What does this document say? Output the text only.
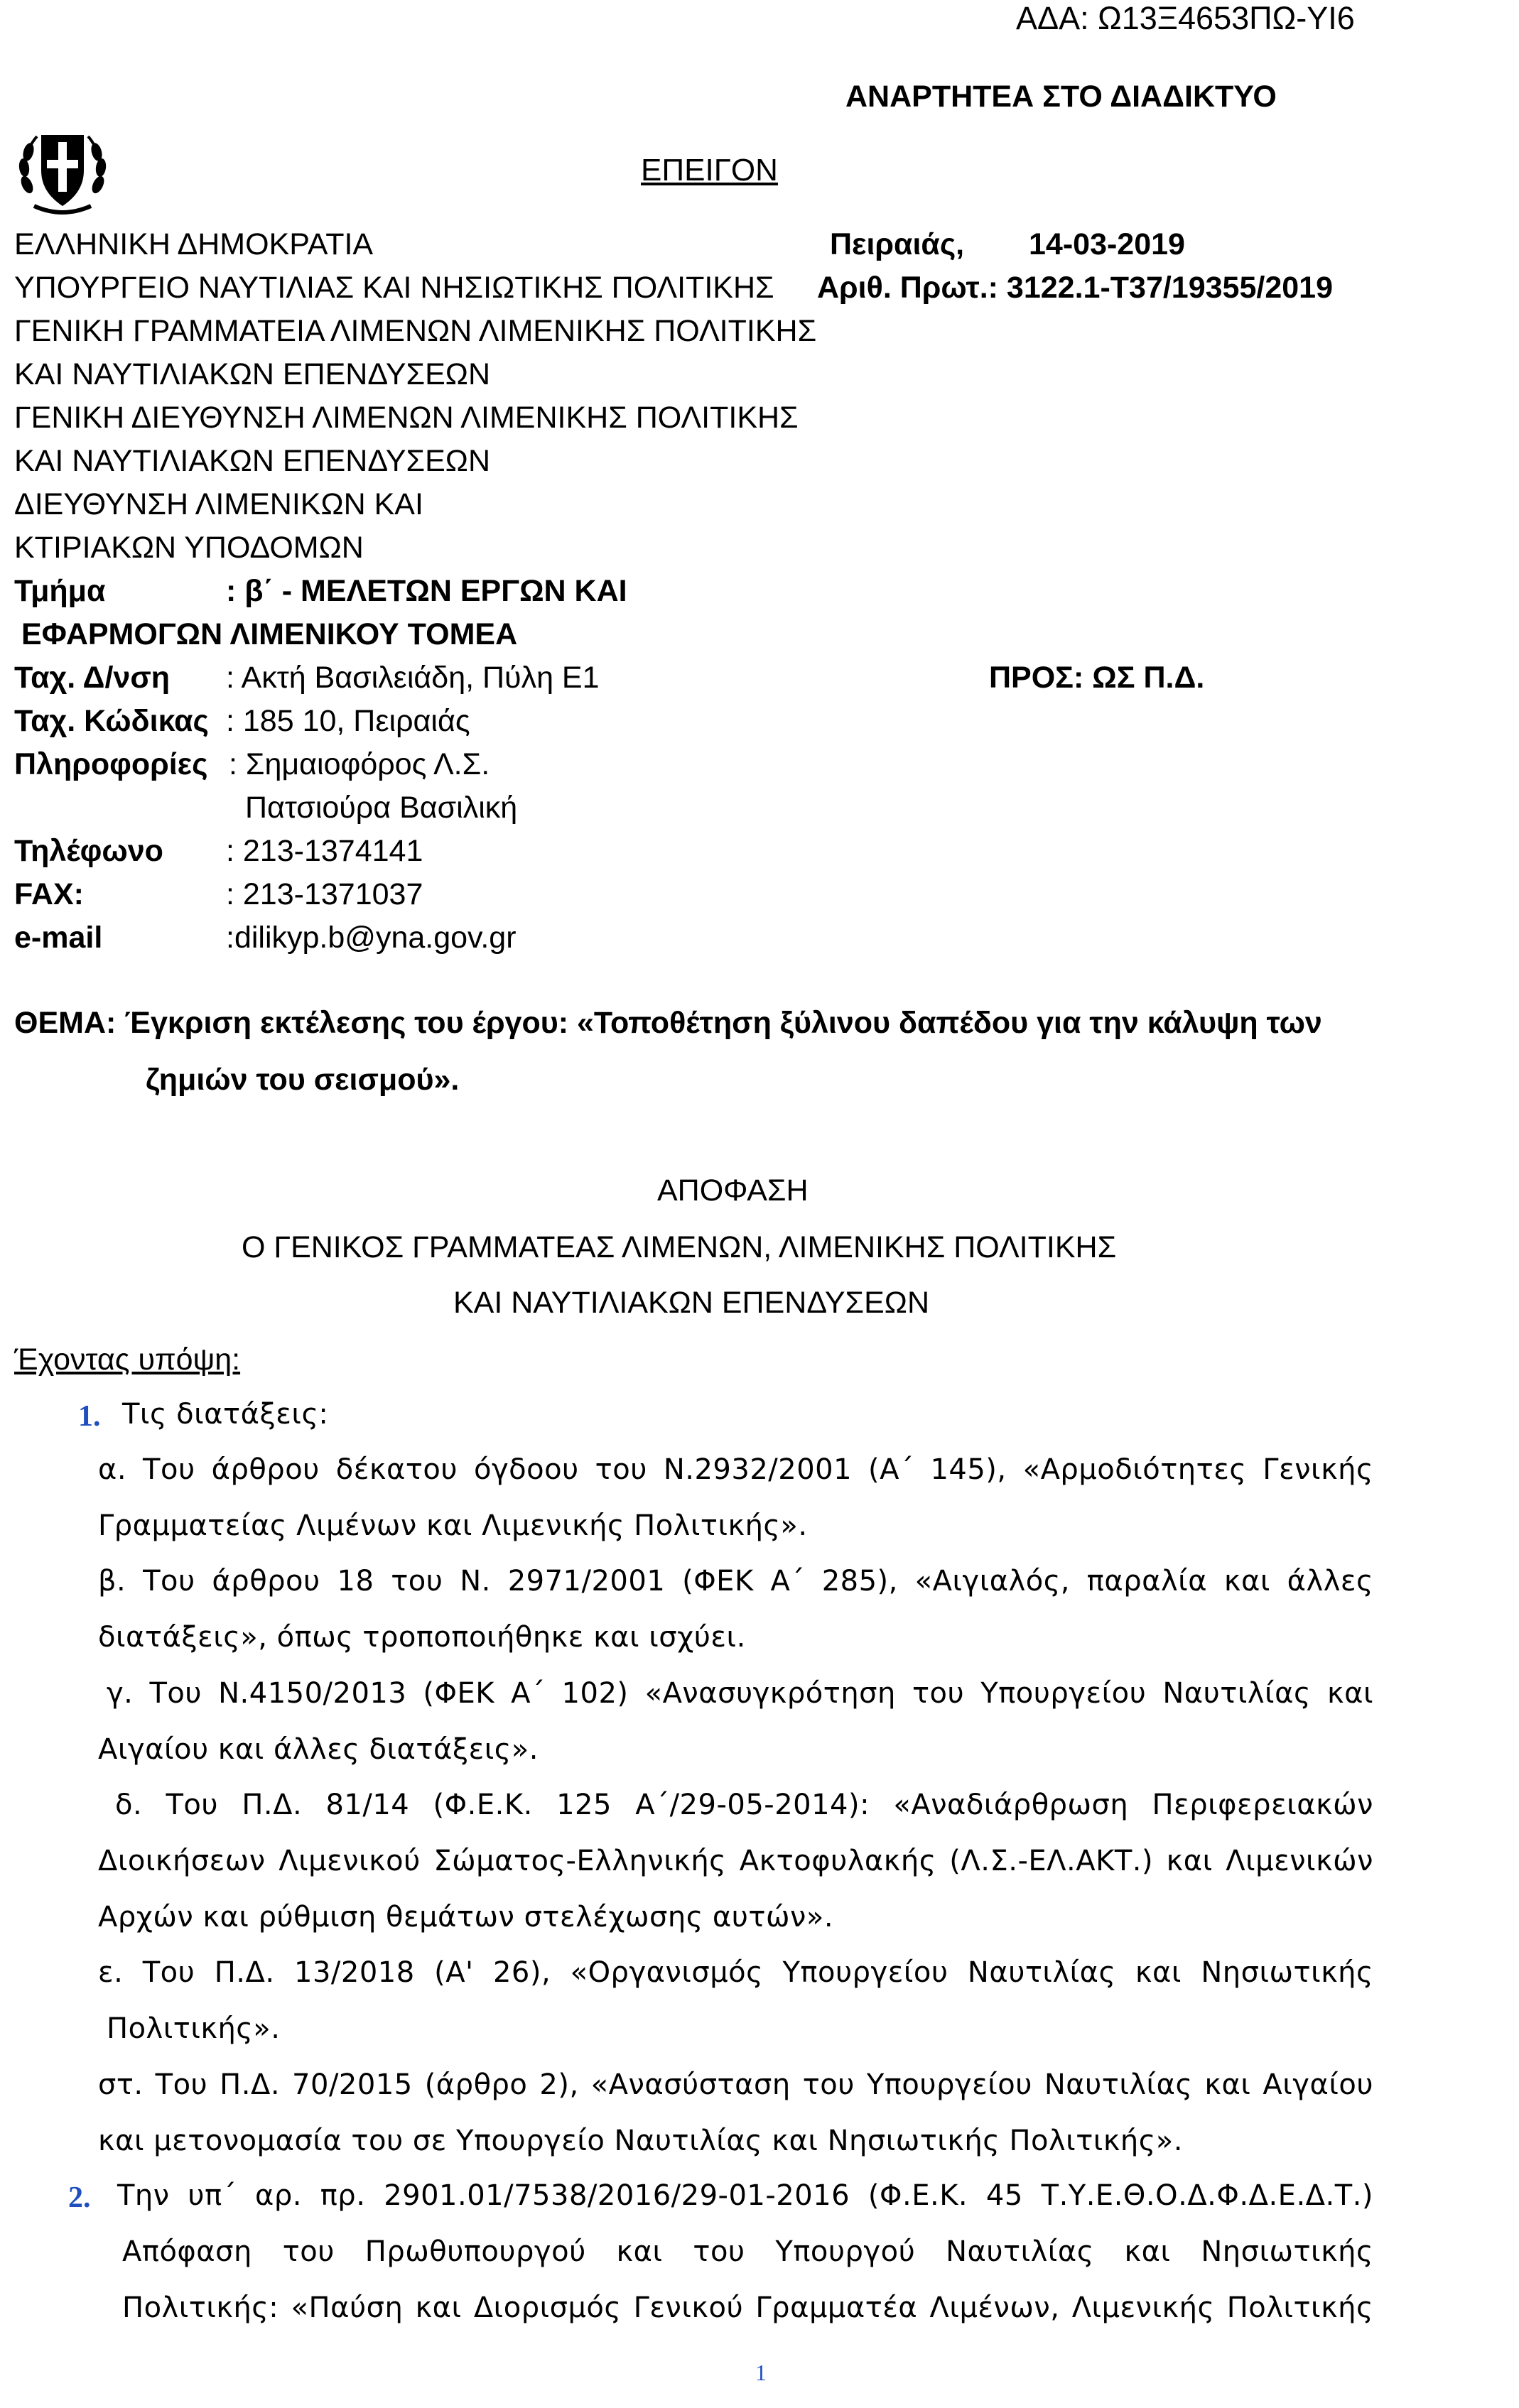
ΑΔΑ: Ω13Ξ4653ΠΩ-ΥΙ6
ΑΝΑΡΤΗΤΕΑ ΣΤΟ ΔΙΑΔΙΚΤΥΟ
ΕΠΕΙΓΟΝ
ΕΛΛΗΝΙΚΗ ΔΗΜΟΚΡΑΤΙΑ
ΥΠΟΥΡΓΕΙΟ ΝΑΥΤΙΛΙΑΣ ΚΑΙ ΝΗΣΙΩΤΙΚΗΣ ΠΟΛΙΤΙΚΗΣ
ΓΕΝΙΚΗ ΓΡΑΜΜΑΤΕΙΑ ΛΙΜΕΝΩΝ ΛΙΜΕΝΙΚΗΣ ΠΟΛΙΤΙΚΗΣ
ΚΑΙ ΝΑΥΤΙΛΙΑΚΩΝ ΕΠΕΝΔΥΣΕΩΝ
ΓΕΝΙΚΗ ΔΙΕΥΘΥΝΣΗ ΛΙΜΕΝΩΝ ΛΙΜΕΝΙΚΗΣ ΠΟΛΙΤΙΚΗΣ
ΚΑΙ ΝΑΥΤΙΛΙΑΚΩΝ ΕΠΕΝΔΥΣΕΩΝ
ΔΙΕΥΘΥΝΣΗ ΛΙΜΕΝΙΚΩΝ ΚΑΙ
ΚΤΙΡΙΑΚΩΝ ΥΠΟΔΟΜΩΝ
Πειραιάς, 14-03-2019
Αριθ. Πρωτ.: 3122.1-Τ37/19355/2019
Τμήμα	: β΄ - ΜΕΛΕΤΩΝ ΕΡΓΩΝ ΚΑΙ
ΕΦΑΡΜΟΓΩΝ ΛΙΜΕΝΙΚΟΥ ΤΟΜΕΑ
Ταχ. Δ/νση : Ακτή Βασιλειάδη, Πύλη Ε1	ΠΡΟΣ: ΩΣ Π.Δ.
Ταχ. Κώδικας : 185 10, Πειραιάς
Πληροφορίες : Σημαιοφόρος Λ.Σ.
Πατσιούρα Βασιλική
Τηλέφωνο : 213-1374141
FAX:	: 213-1371037
e-mail	:dilikyp.b@yna.gov.gr
ΘΕΜΑ: Έγκριση εκτέλεσης του έργου: «Τοποθέτηση ξύλινου δαπέδου για την κάλυψη των
ζημιών του σεισμού».
ΑΠΟΦΑΣΗ
Ο ΓΕΝΙΚΟΣ ΓΡΑΜΜΑΤΕΑΣ ΛΙΜΕΝΩΝ, ΛΙΜΕΝΙΚΗΣ ΠΟΛΙΤΙΚΗΣ
ΚΑΙ ΝΑΥΤΙΛΙΑΚΩΝ ΕΠΕΝΔΥΣΕΩΝ
Έχοντας υπόψη:
1. Τις διατάξεις:
α. Του άρθρου δέκατου όγδοου του Ν.2932/2001 (Α΄ 145), «Αρμοδιότητες Γενικής
Γραμματείας Λιμένων και Λιμενικής Πολιτικής».
β. Του άρθρου 18 του Ν. 2971/2001 (ΦΕΚ Α΄ 285), «Αιγιαλός, παραλία και άλλες
διατάξεις», όπως τροποποιήθηκε και ισχύει.
γ. Του Ν.4150/2013 (ΦΕΚ Α΄ 102) «Ανασυγκρότηση του Υπουργείου Ναυτιλίας και
Αιγαίου και άλλες διατάξεις».
δ. Του Π.Δ. 81/14 (Φ.Ε.Κ. 125 Α΄/29-05-2014): «Αναδιάρθρωση Περιφερειακών
Διοικήσεων Λιμενικού Σώματος-Ελληνικής Ακτοφυλακής (Λ.Σ.-ΕΛ.ΑΚΤ.) και Λιμενικών
Αρχών και ρύθμιση θεμάτων στελέχωσης αυτών».
ε. Του Π.Δ. 13/2018 (Α' 26), «Οργανισμός Υπουργείου Ναυτιλίας και Νησιωτικής
Πολιτικής».
στ. Του Π.Δ. 70/2015 (άρθρο 2), «Ανασύσταση του Υπουργείου Ναυτιλίας και Αιγαίου
και μετονομασία του σε Υπουργείο Ναυτιλίας και Νησιωτικής Πολιτικής».
2. Την υπ΄ αρ. πρ. 2901.01/7538/2016/29-01-2016 (Φ.Ε.Κ. 45 Τ.Υ.Ε.Θ.Ο.Δ.Φ.Δ.Ε.Δ.Τ.)
Απόφαση του Πρωθυπουργού και του Υπουργού Ναυτιλίας και Νησιωτικής
Πολιτικής: «Παύση και Διορισμός Γενικού Γραμματέα Λιμένων, Λιμενικής Πολιτικής
1
